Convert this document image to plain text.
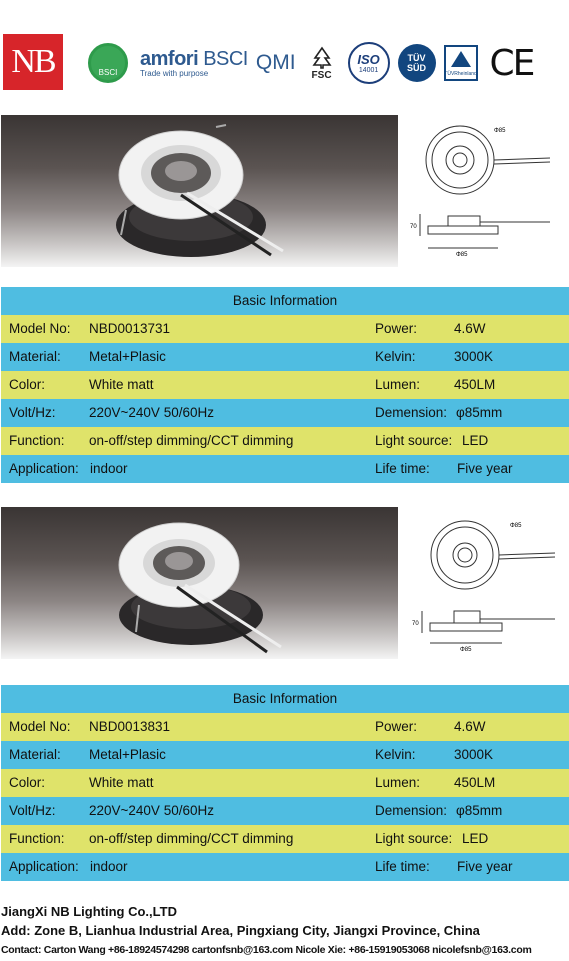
NB	BSCI
amfori BSCI
Trade with purpose	QMI
FSC
ISO
14001
TÜV
SÜD
TÜVRheinland CE
Φ85
70
Φ85
Basic Information
Model No: NBD0013731	Power:	4.6W
Material: Metal+Plasic	Kelvin:	3000K
Color:	White matt	Lumen:	450LM
Volt/Hz: 220V~240V 50/60Hz	Demension: φ85mm
Function: on-off/step dimming/CCT dimming	Light source: LED
Application: indoor	Life time: Five year
Φ85
70
Φ85
Basic Information
Model No: NBD0013831	Power:	4.6W
Material: Metal+Plasic	Kelvin:	3000K
Color:	White matt	Lumen:	450LM
Volt/Hz: 220V~240V 50/60Hz	Demension: φ85mm
Function: on-off/step dimming/CCT dimming	Light source: LED
Application: indoor	Life time: Five year
JiangXi NB Lighting Co.,LTD
Add: Zone B, Lianhua Industrial Area, Pingxiang City, Jiangxi Province, China
Contact: Carton Wang +86-18924574298 cartonfsnb@163.com Nicole Xie: +86-15919053068 nicolefsnb@163.com
